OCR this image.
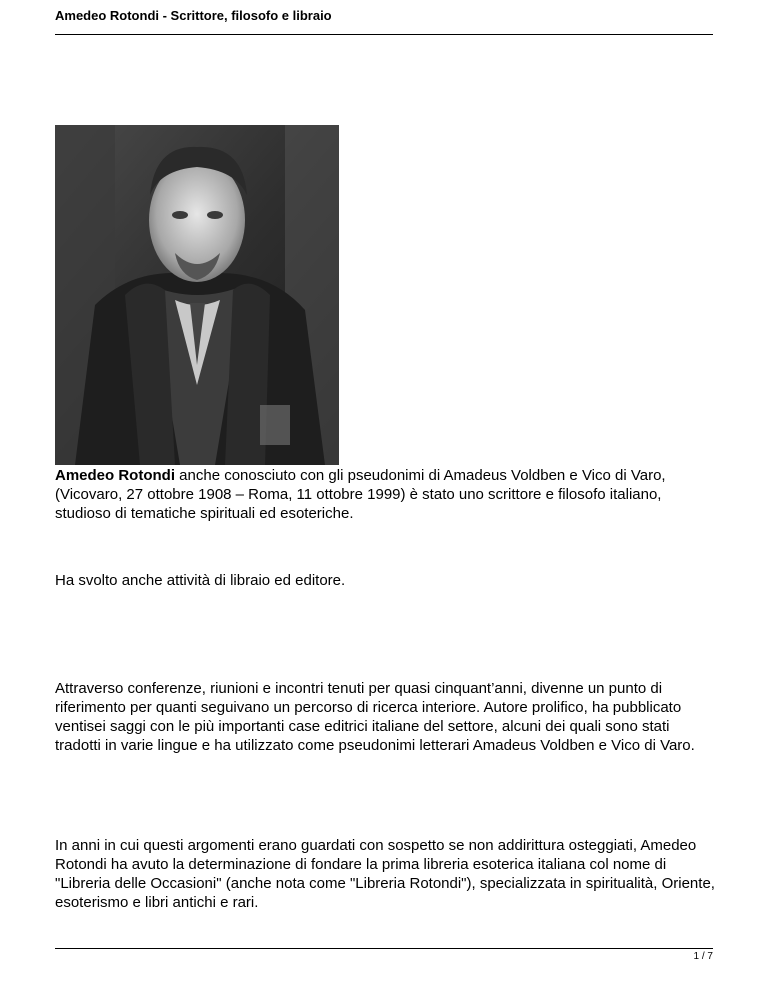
Amedeo Rotondi - Scrittore, filosofo e libraio

Amedeo Rotondi anche conosciuto con gli pseudonimi di Amadeus Voldben e Vico di Varo, (Vicovaro, 27 ottobre 1908 – Roma, 11 ottobre 1999) è stato uno scrittore e filosofo italiano, studioso di tematiche spirituali ed esoteriche.

Ha svolto anche attività di libraio ed editore.

Attraverso conferenze, riunioni e incontri tenuti per quasi cinquant’anni, divenne un punto di riferimento per quanti seguivano un percorso di ricerca interiore. Autore prolifico, ha pubblicato ventisei saggi con le più importanti case editrici italiane del settore, alcuni dei quali sono stati tradotti in varie lingue e ha utilizzato come pseudonimi letterari Amadeus Voldben e Vico di Varo.

In anni in cui questi argomenti erano guardati con sospetto se non addirittura osteggiati, Amedeo Rotondi ha avuto la determinazione di fondare la prima libreria esoterica italiana col nome di "Libreria delle Occasioni" (anche nota come "Libreria Rotondi"), specializzata in spiritualità, Oriente, esoterismo e libri antichi e rari.

1 / 7
